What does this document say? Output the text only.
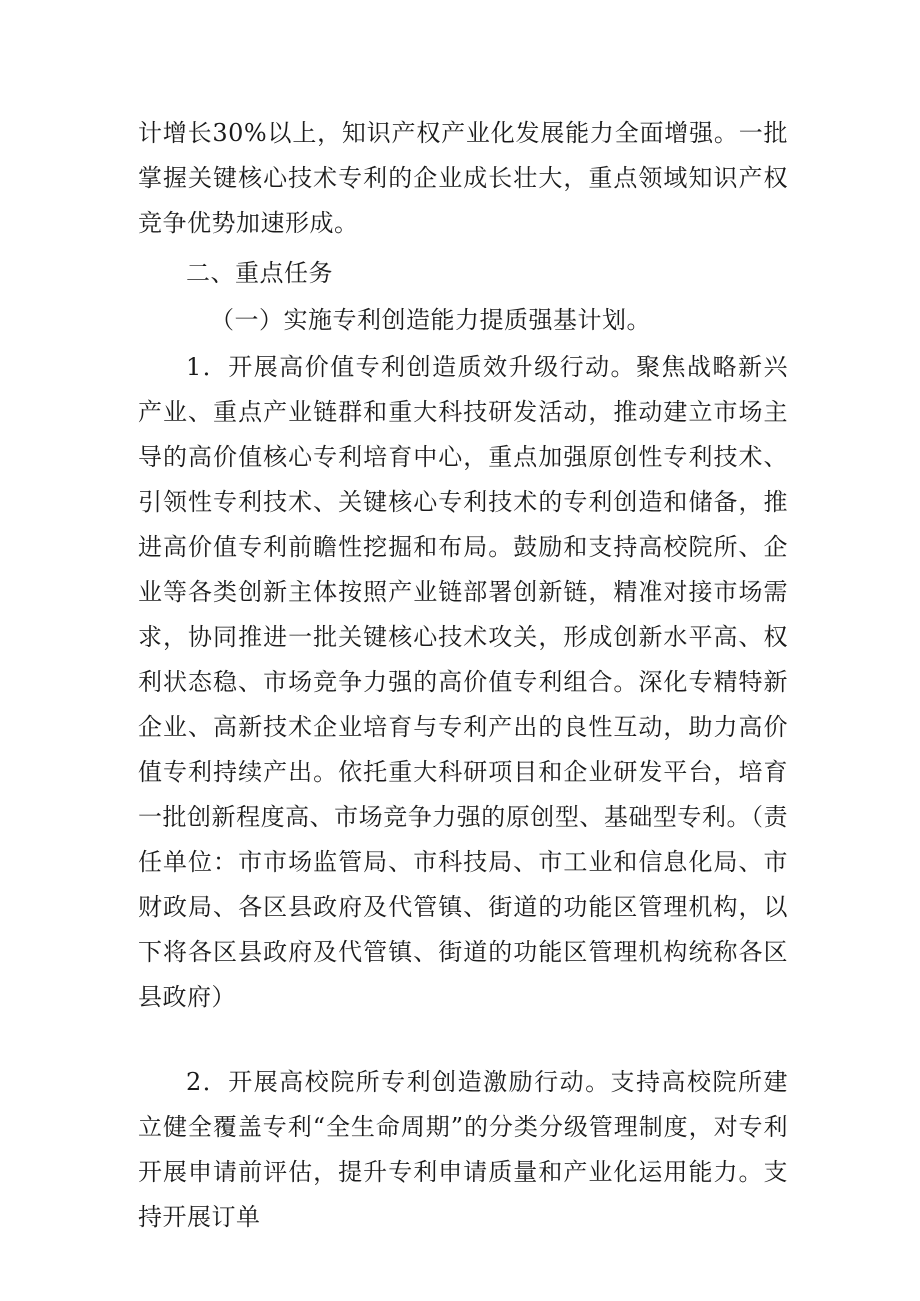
计增长30%以上，知识产权产业化发展能力全面增强。一批掌握关键核心技术专利的企业成长壮大，重点领域知识产权竞争优势加速形成。

二、重点任务

（一）实施专利创造能力提质强基计划。

1．开展高价值专利创造质效升级行动。聚焦战略新兴产业、重点产业链群和重大科技研发活动，推动建立市场主导的高价值核心专利培育中心，重点加强原创性专利技术、引领性专利技术、关键核心专利技术的专利创造和储备，推进高价值专利前瞻性挖掘和布局。鼓励和支持高校院所、企业等各类创新主体按照产业链部署创新链，精准对接市场需求，协同推进一批关键核心技术攻关，形成创新水平高、权利状态稳、市场竞争力强的高价值专利组合。深化专精特新企业、高新技术企业培育与专利产出的良性互动，助力高价值专利持续产出。依托重大科研项目和企业研发平台，培育一批创新程度高、市场竞争力强的原创型、基础型专利。（责任单位：市市场监管局、市科技局、市工业和信息化局、市财政局、各区县政府及代管镇、街道的功能区管理机构，以下将各区县政府及代管镇、街道的功能区管理机构统称各区县政府）

2．开展高校院所专利创造激励行动。支持高校院所建立健全覆盖专利“全生命周期”的分类分级管理制度，对专利开展申请前评估，提升专利申请质量和产业化运用能力。支持开展订单
